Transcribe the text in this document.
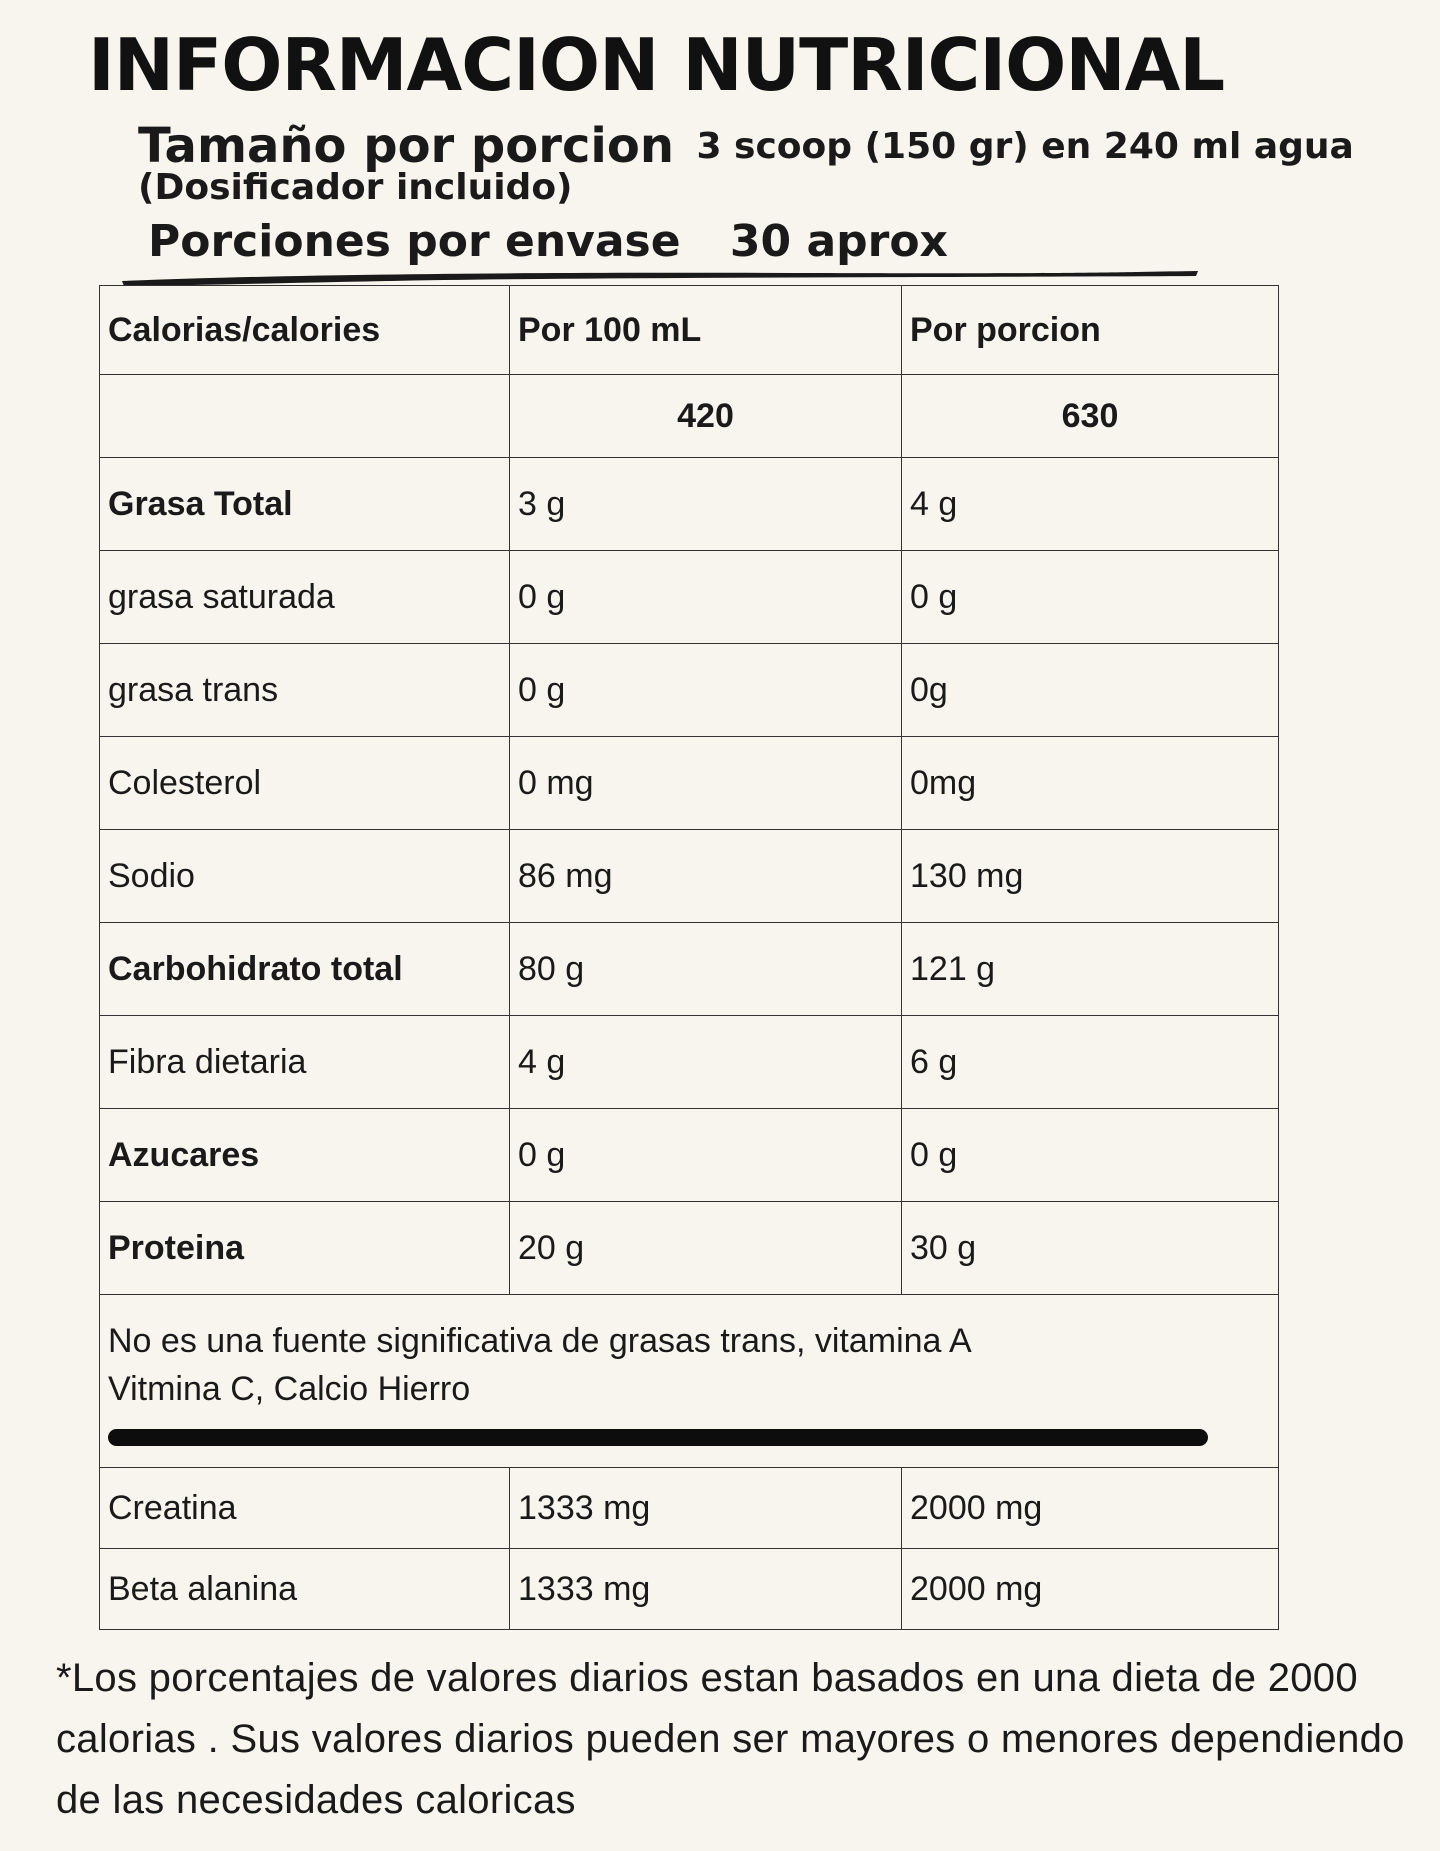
INFORMACION NUTRICIONAL
Tamaño por porcion 3 scoop (150 gr) en 240 ml agua
(Dosificador incluido)
Porciones por envase 30 aprox
Calorias/calories	Por 100 mL	Por porcion
	420	630
Grasa Total	3 g	4 g
grasa saturada	0 g	0 g
grasa trans	0 g	0g
Colesterol	0 mg	0mg
Sodio	86 mg	130 mg
Carbohidrato total	80 g	121 g
Fibra dietaria	4 g	6 g
Azucares	0 g	0 g
Proteina	20 g	30 g
No es una fuente significativa de grasas trans, vitamina A
Vitmina C, Calcio Hierro		

Creatina	1333 mg	2000 mg
Beta alanina	1333 mg	2000 mg

*Los porcentajes de valores diarios estan basados en una dieta de 2000 calorias . Sus valores diarios pueden ser mayores o menores dependiendo de las necesidades caloricas
